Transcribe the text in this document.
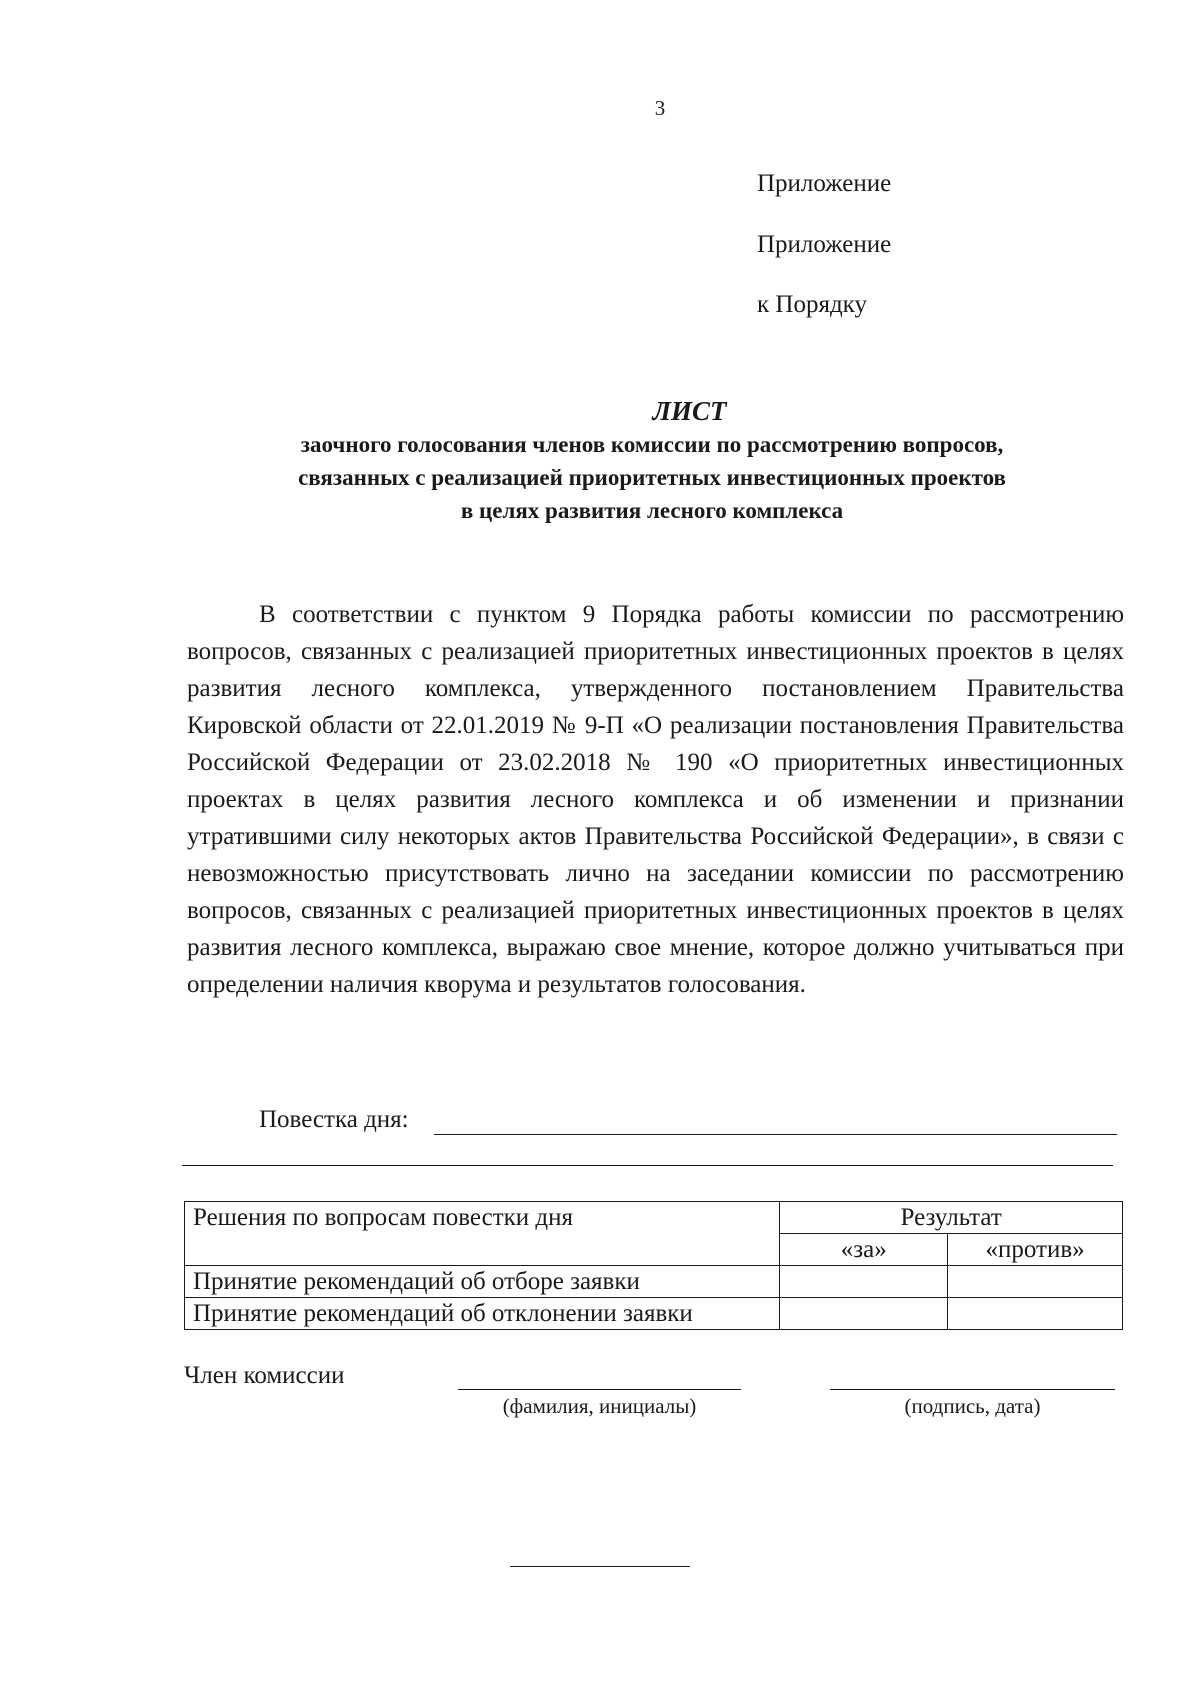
3
Приложение
Приложение
к Порядку
ЛИСТ
заочного голосования членов комиссии по рассмотрению вопросов,
связанных с реализацией приоритетных инвестиционных проектов
в целях развития лесного комплекса

В соответствии с пунктом 9 Порядка работы комиссии по рассмотрению вопросов, связанных с реализацией приоритетных инвестиционных проектов в целях развития лесного комплекса, утвержденного постановлением Правительства Кировской области от 22.01.2019 № 9-П «О реализации постановления Правительства Российской Федерации от 23.02.2018 № 190 «О приоритетных инвестиционных проектах в целях развития лесного комплекса и об изменении и признании утратившими силу некоторых актов Правительства Российской Федерации», в связи с невозможностью присутствовать лично на заседании комиссии по рассмотрению вопросов, связанных с реализацией приоритетных инвестиционных проектов в целях развития лесного комплекса, выражаю свое мнение, которое должно учитываться при определении наличия кворума и результатов голосования.

Повестка дня:
Решения по вопросам повестки дня	Результат	
	«за»	«против»
Принятие рекомендаций об отборе заявки		
Принятие рекомендаций об отклонении заявки		
Член комиссии
(фамилия, инициалы)	(подпись, дата)
